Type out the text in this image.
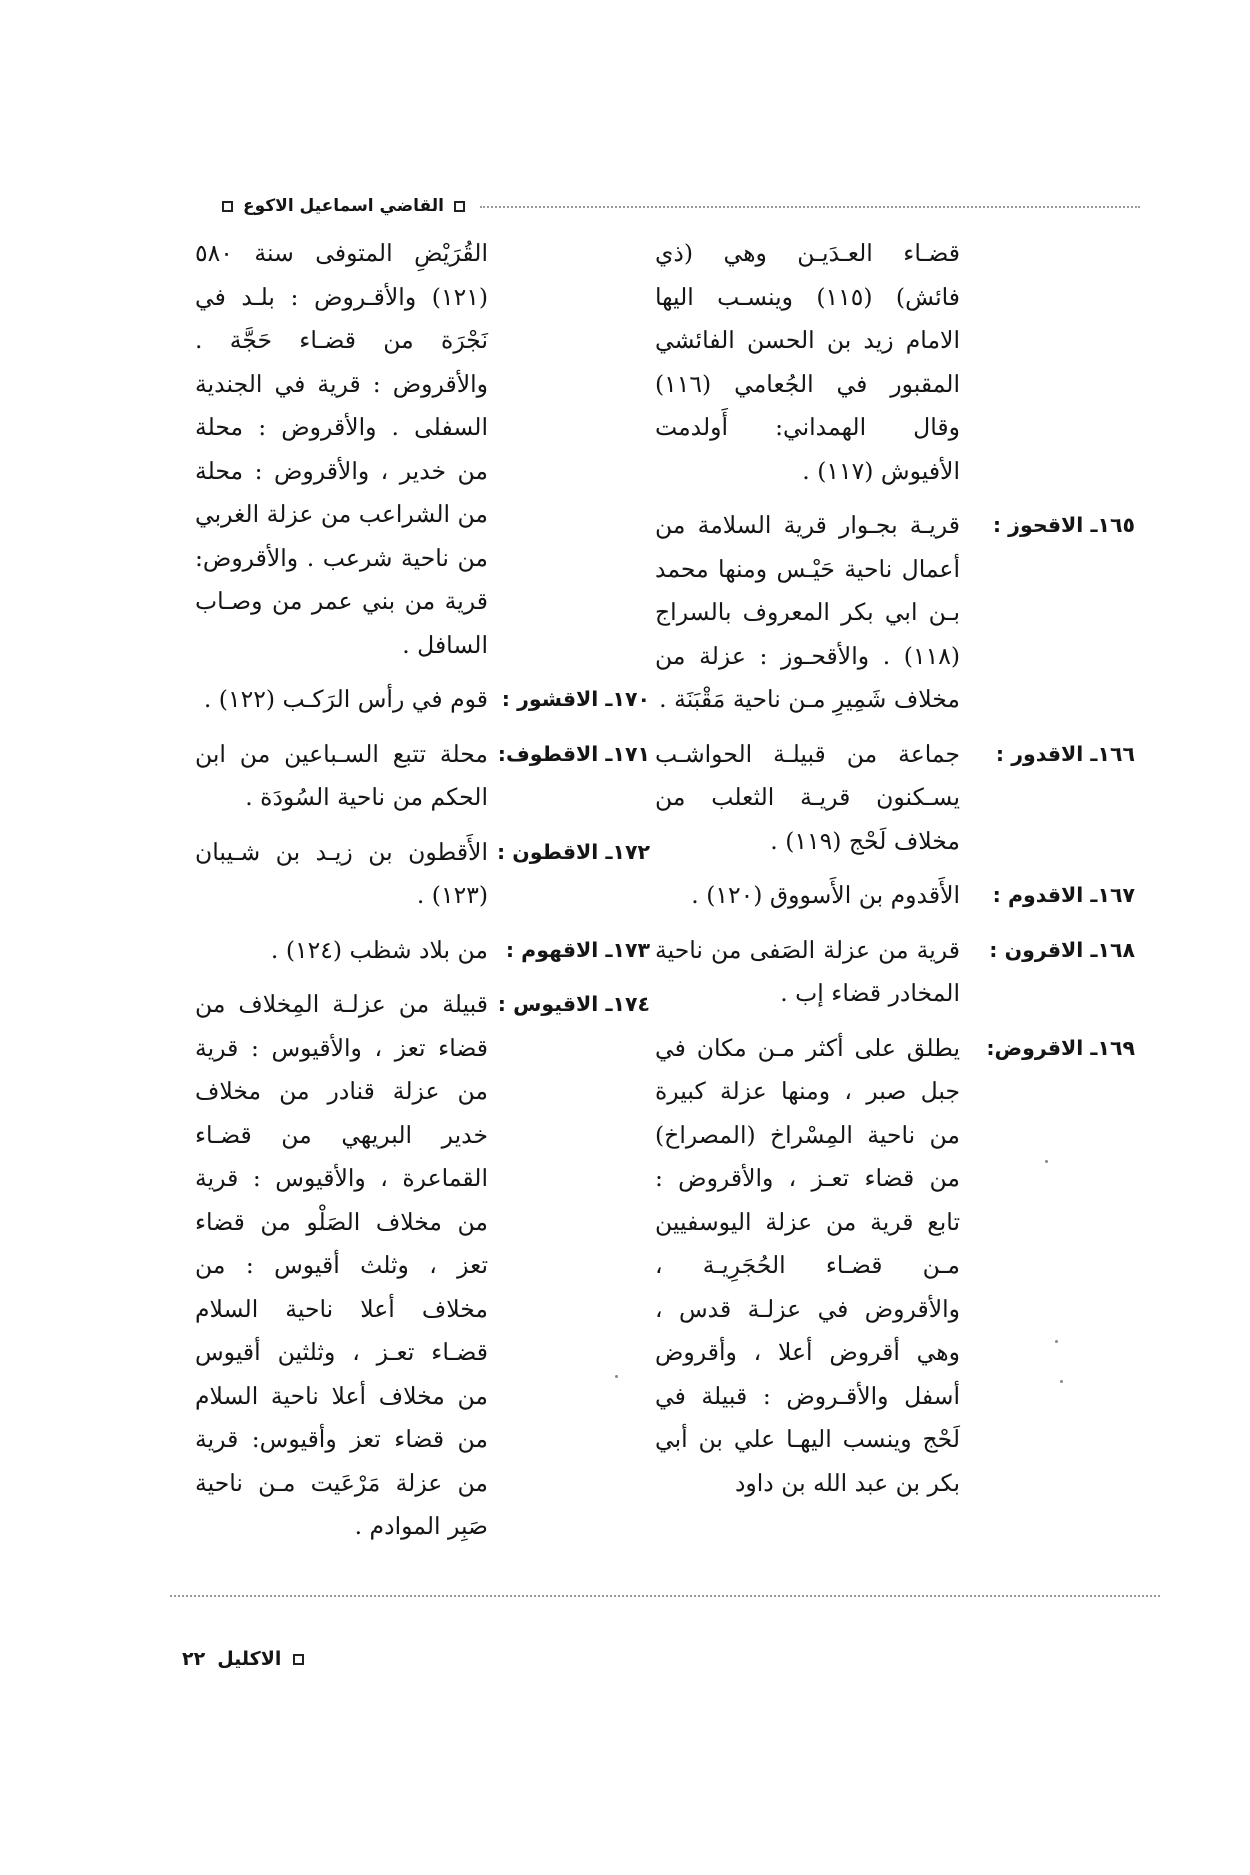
القاضي اسماعيل الاكوع
قضـاء العـدَيـن وهي (ذي فائش) (١١٥) وينسـب اليها الامام زيد بن الحسن الفائشي المقبور في الجُعامي (١١٦) وقال الهمداني: أَولدمت الأفيوش (١١٧) .
١٦٥ـ الاقحوز :
قريـة بجـوار قرية السلامة من أعمال ناحية حَيْـس ومنها محمد بـن ابي بكر المعروف بالسراج (١١٨) . والأقحـوز : عزلة من مخلاف شَمِيرِ مـن ناحية مَقْبَنَة .
١٦٦ـ الاقدور :
جماعة من قبيلـة الحواشـب يسـكنون قريـة الثعلب من مخلاف لَحْج (١١٩) .
١٦٧ـ الاقدوم :
الأَقدوم بن الأَسووق (١٢٠) .
١٦٨ـ الاقرون :
قرية من عزلة الصَفى من ناحية المخادر قضاء إب .
١٦٩ـ الاقروض:
يطلق على أكثر مـن مكان في جبل صبر ، ومنها عزلة كبيرة من ناحية المِسْراخ (المصراخ) من قضاء تعـز ، والأقروض : تابع قرية من عزلة اليوسفيين مـن قضـاء الحُجَرِيـة ، والأقروض في عزلـة قدس ، وهي أقروض أعلا ، وأقروض أسفل والأقـروض : قبيلة في لَحْج وينسب اليهـا علي بن أبي بكر بن عبد الله بن داود
القُرَيْضِ المتوفى سنة ٥٨٠ (١٢١) والأقـروض : بلـد في نَجْرَة من قضـاء حَجَّة . والأقروض : قرية في الجندية السفلى . والأقروض : محلة من خدير ، والأقروض : محلة من الشراعب من عزلة الغربي من ناحية شرعب . والأقروض: قرية من بني عمر من وصـاب السافل .
١٧٠ـ الاقشور :
قوم في رأس الرَكـب (١٢٢) .
١٧١ـ الاقطوف:
محلة تتبع السـباعين من ابن الحكم من ناحية السُودَة .
١٧٢ـ الاقطون :
الأَقطون بن زيـد بن شـيبان (١٢٣) .
١٧٣ـ الاقهوم :
من بلاد شظب (١٢٤) .
١٧٤ـ الاقيوس :
قبيلة من عزلـة المِخلاف من قضاء تعز ، والأقيوس : قرية من عزلة قنادر من مخلاف خدير البريهي من قضـاء القماعرة ، والأقيوس : قرية من مخلاف الصَلْو من قضاء تعز ، وثلث أقيوس : من مخلاف أعلا ناحية السلام قضـاء تعـز ، وثلثين أقيوس من مخلاف أعلا ناحية السلام من قضاء تعز وأقيوس: قرية من عزلة مَرْعَيت مـن ناحية صَبِر الموادم .
٢٢ الاكليل
